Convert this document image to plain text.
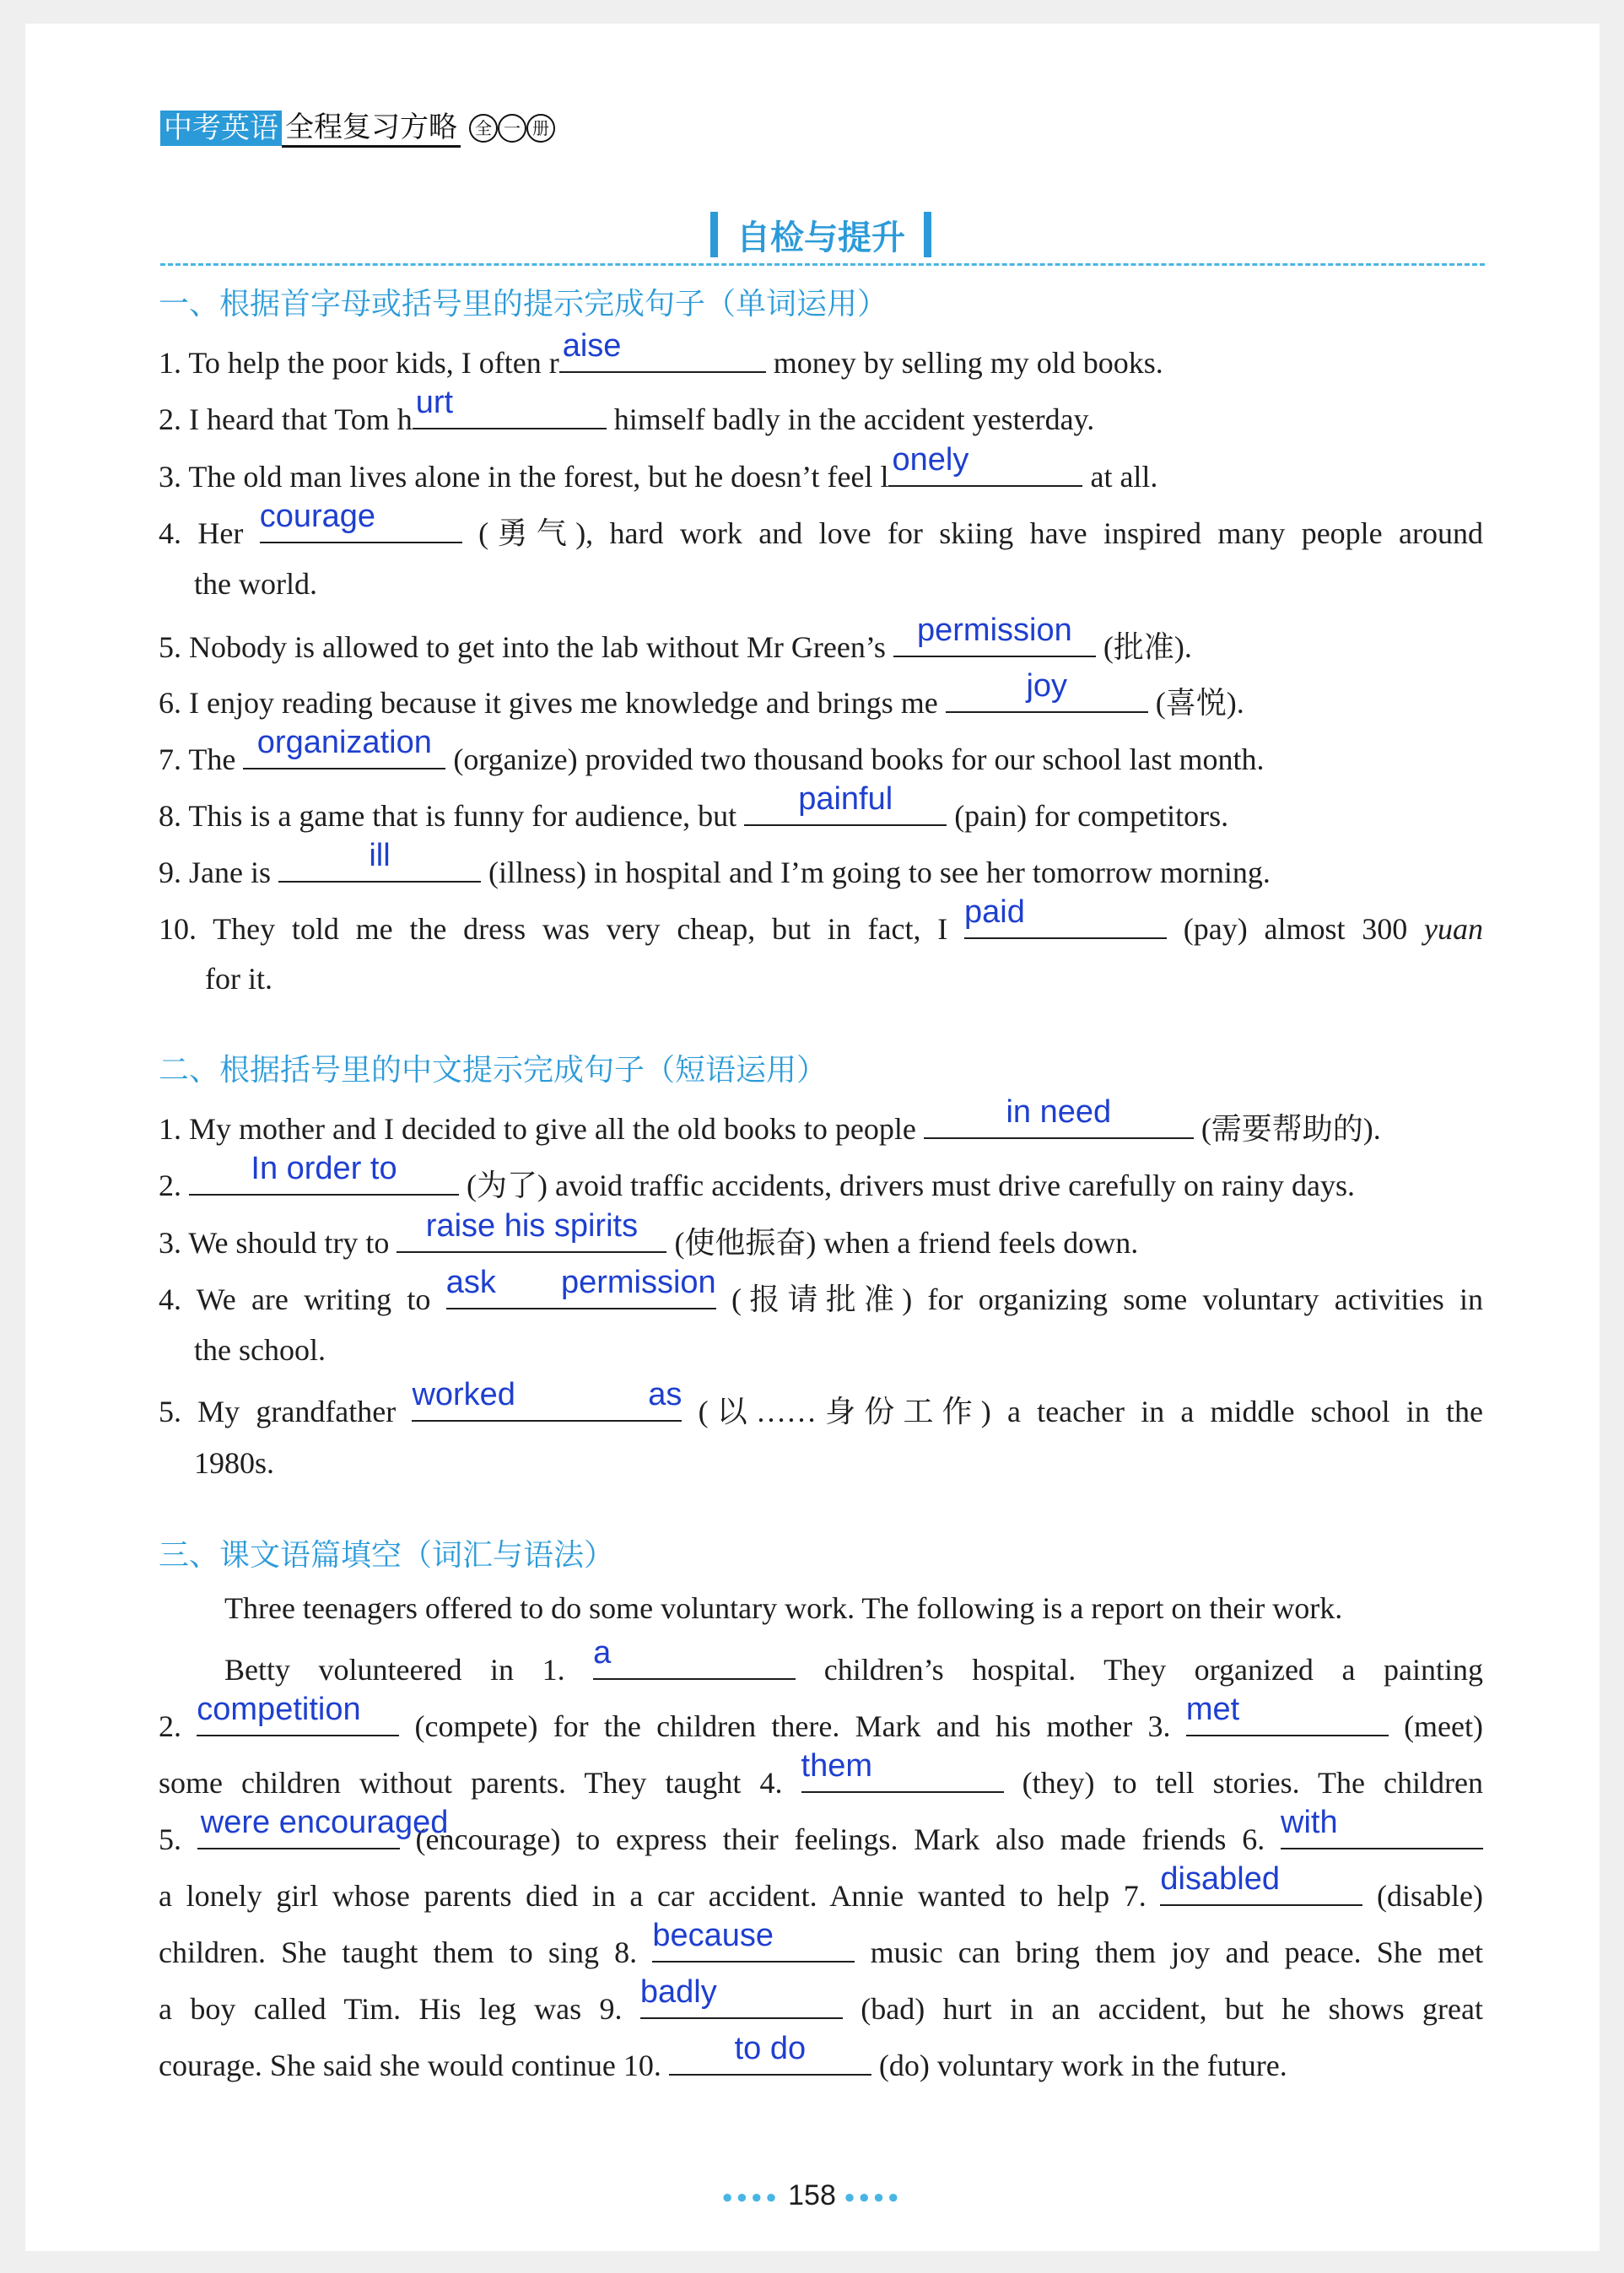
中考英语 全程复习方略	全 一 册
自检与提升
一、根据首字母或括号里的提示完成句子（单词运用）
1. To help the poor kids, I often r aise	money by selling my old books.
2. I heard that Tom h urt	himself badly in the accident yesterday.
3. The old man lives alone in the forest, but he doesn’t feel l onely	at all.
4. Her courage	(勇气), hard work and love for skiing have inspired many people around
the world.
5. Nobody is allowed to get into the lab without Mr Green’s permission (批准).
6. I enjoy reading because it gives me knowledge and brings me	joy	(喜悦).
7. The organization (organize) provided two thousand books for our school last month.
8. This is a game that is funny for audience, but	painful	(pain) for competitors.
9. Jane is	ill	(illness) in hospital and I’m going to see her tomorrow morning.
10. They told me the dress was very cheap, but in fact, I paid	(pay) almost 300 yuan
for it.
二、根据括号里的中文提示完成句子（短语运用）
1. My mother and I decided to give all the old books to people	in need	(需要帮助的).
2.	In order to	(为了) avoid traffic accidents, drivers must drive carefully on rainy days.
3. We should try to raise his spirits (使他振奋) when a friend feels down.
4. We are writing to ask permission (报请批准) for organizing some voluntary activities in
the school.
5. My grandfather worked as (以……身份工作) a teacher in a middle school in the
1980s.
三、课文语篇填空（词汇与语法）
Three teenagers offered to do some voluntary work. The following is a report on their work.
Betty volunteered in 1. a	children’s hospital. They organized a painting
2. competition	(compete) for the children there. Mark and his mother 3. met	(meet)
some children without parents. They taught 4. them	(they) to tell stories. The children
5. were encouraged
(encourage) to express their feelings. Mark also made friends 6. with
a lonely girl whose parents died in a car accident. Annie wanted to help 7. disabled	(disable)
children. She taught them to sing 8. because	music can bring them joy and peace. She met
a boy called Tim. His leg was 9. badly	(bad) hurt in an accident, but he shows great
courage. She said she would continue 10.	to do	(do) voluntary work in the future.
●●●● 158 ●●●●
